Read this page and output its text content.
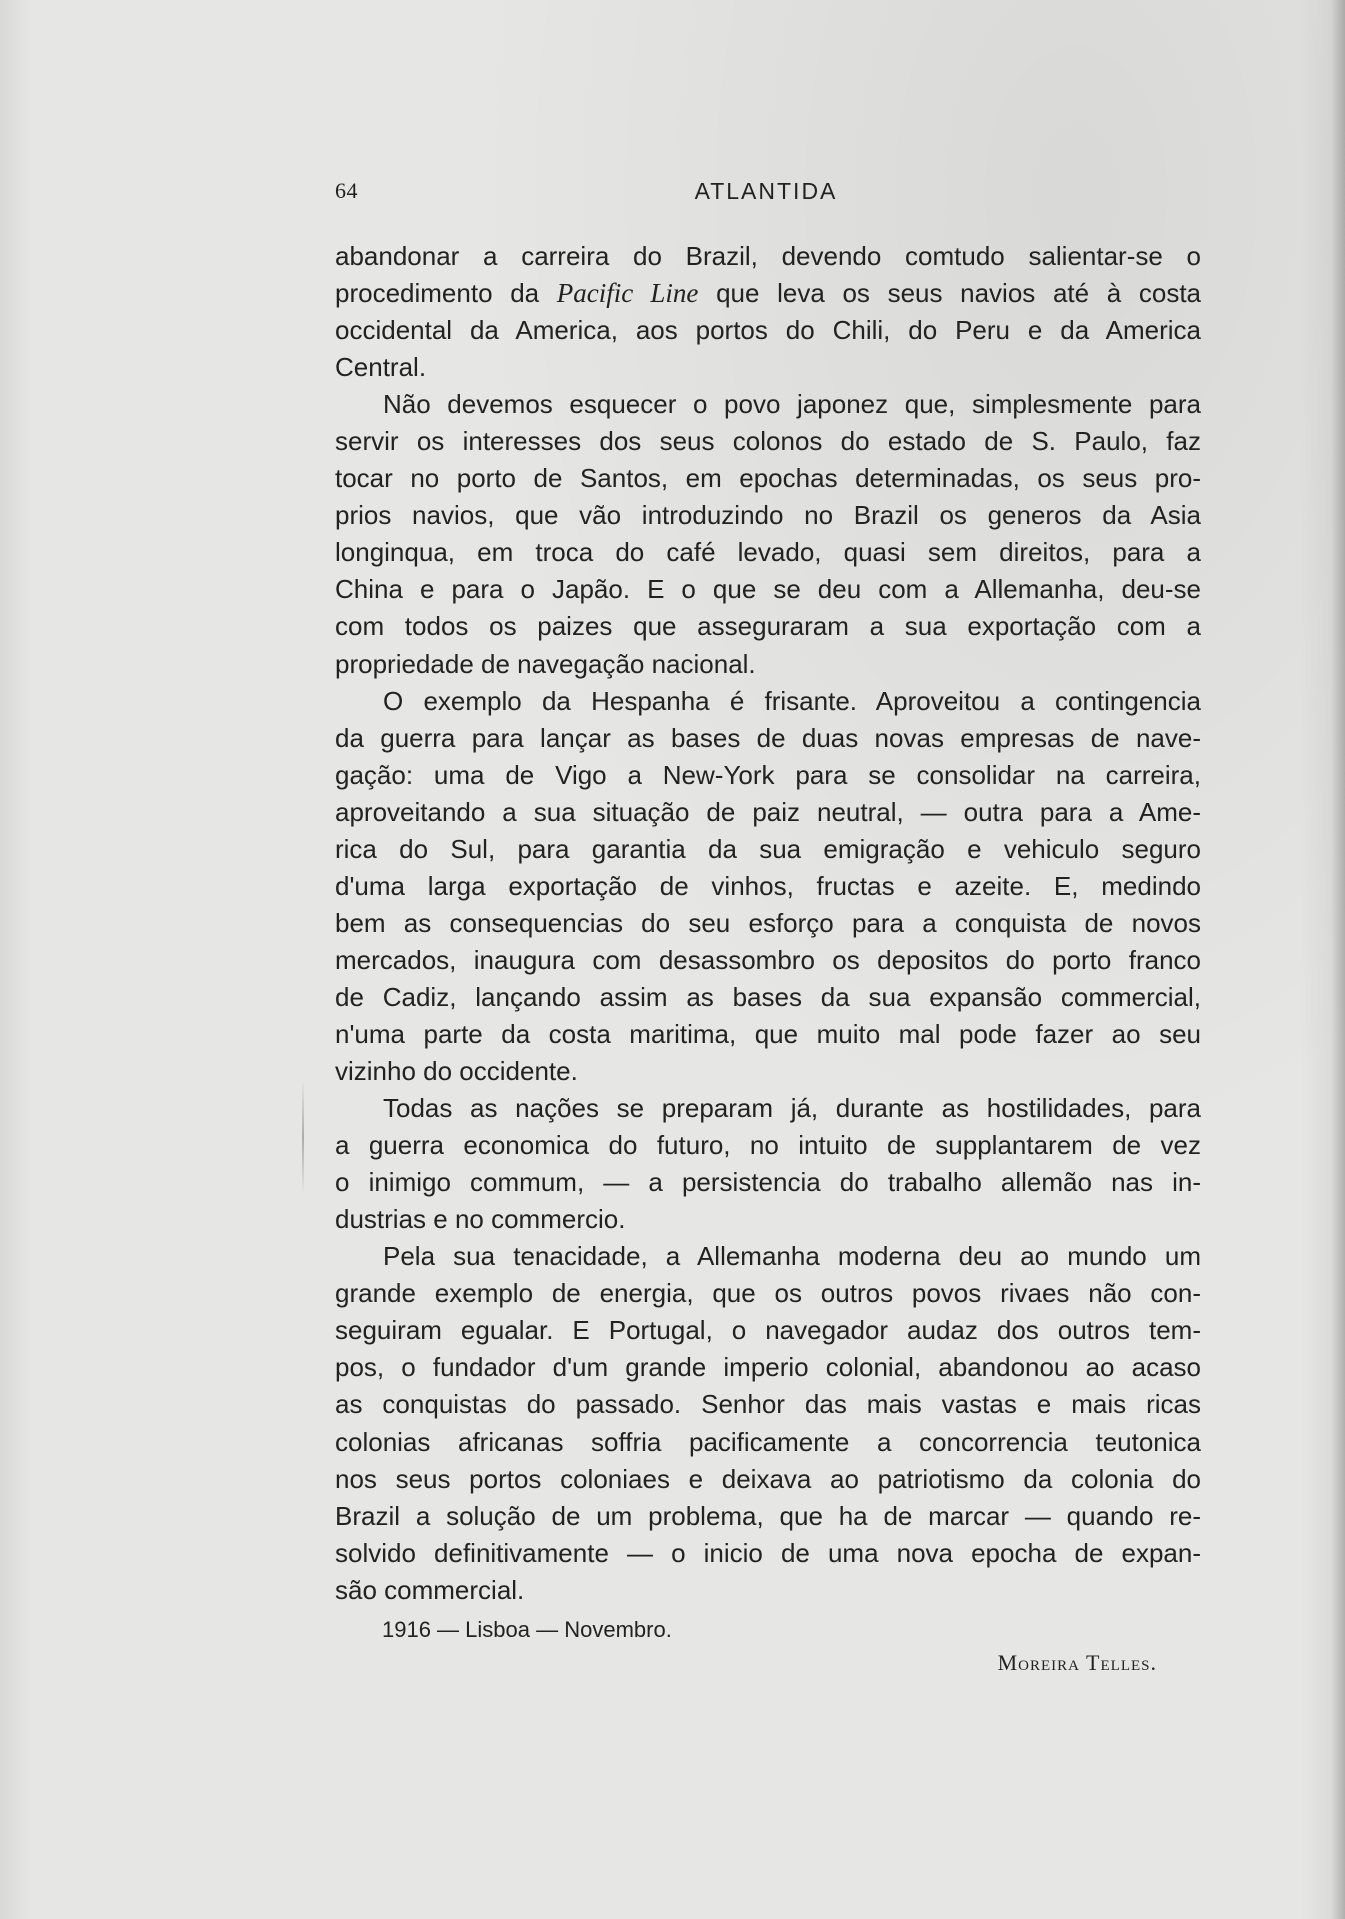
64	ATLANTIDA
abandonar a carreira do Brazil, devendo comtudo salientar-se o
procedimento da Pacific Line que leva os seus navios até à costa
occidental da America, aos portos do Chili, do Peru e da America
Central.
Não devemos esquecer o povo japonez que, simplesmente para
servir os interesses dos seus colonos do estado de S. Paulo, faz
tocar no porto de Santos, em epochas determinadas, os seus pro-
prios navios, que vão introduzindo no Brazil os generos da Asia
longinqua, em troca do café levado, quasi sem direitos, para a
China e para o Japão. E o que se deu com a Allemanha, deu-se
com todos os paizes que asseguraram a sua exportação com a
propriedade de navegação nacional.
O exemplo da Hespanha é frisante. Aproveitou a contingencia
da guerra para lançar as bases de duas novas empresas de nave-
gação: uma de Vigo a New-York para se consolidar na carreira,
aproveitando a sua situação de paiz neutral, — outra para a Ame-
rica do Sul, para garantia da sua emigração e vehiculo seguro
d'uma larga exportação de vinhos, fructas e azeite. E, medindo
bem as consequencias do seu esforço para a conquista de novos
mercados, inaugura com desassombro os depositos do porto franco
de Cadiz, lançando assim as bases da sua expansão commercial,
n'uma parte da costa maritima, que muito mal pode fazer ao seu
vizinho do occidente.
Todas as nações se preparam já, durante as hostilidades, para
a guerra economica do futuro, no intuito de supplantarem de vez
o inimigo commum, — a persistencia do trabalho allemão nas in-
dustrias e no commercio.
Pela sua tenacidade, a Allemanha moderna deu ao mundo um
grande exemplo de energia, que os outros povos rivaes não con-
seguiram egualar. E Portugal, o navegador audaz dos outros tem-
pos, o fundador d'um grande imperio colonial, abandonou ao acaso
as conquistas do passado. Senhor das mais vastas e mais ricas
colonias africanas soffria pacificamente a concorrencia teutonica
nos seus portos coloniaes e deixava ao patriotismo da colonia do
Brazil a solução de um problema, que ha de marcar — quando re-
solvido definitivamente — o inicio de uma nova epocha de expan-
são commercial.
1916 — Lisboa — Novembro.
Moreira Telles.
